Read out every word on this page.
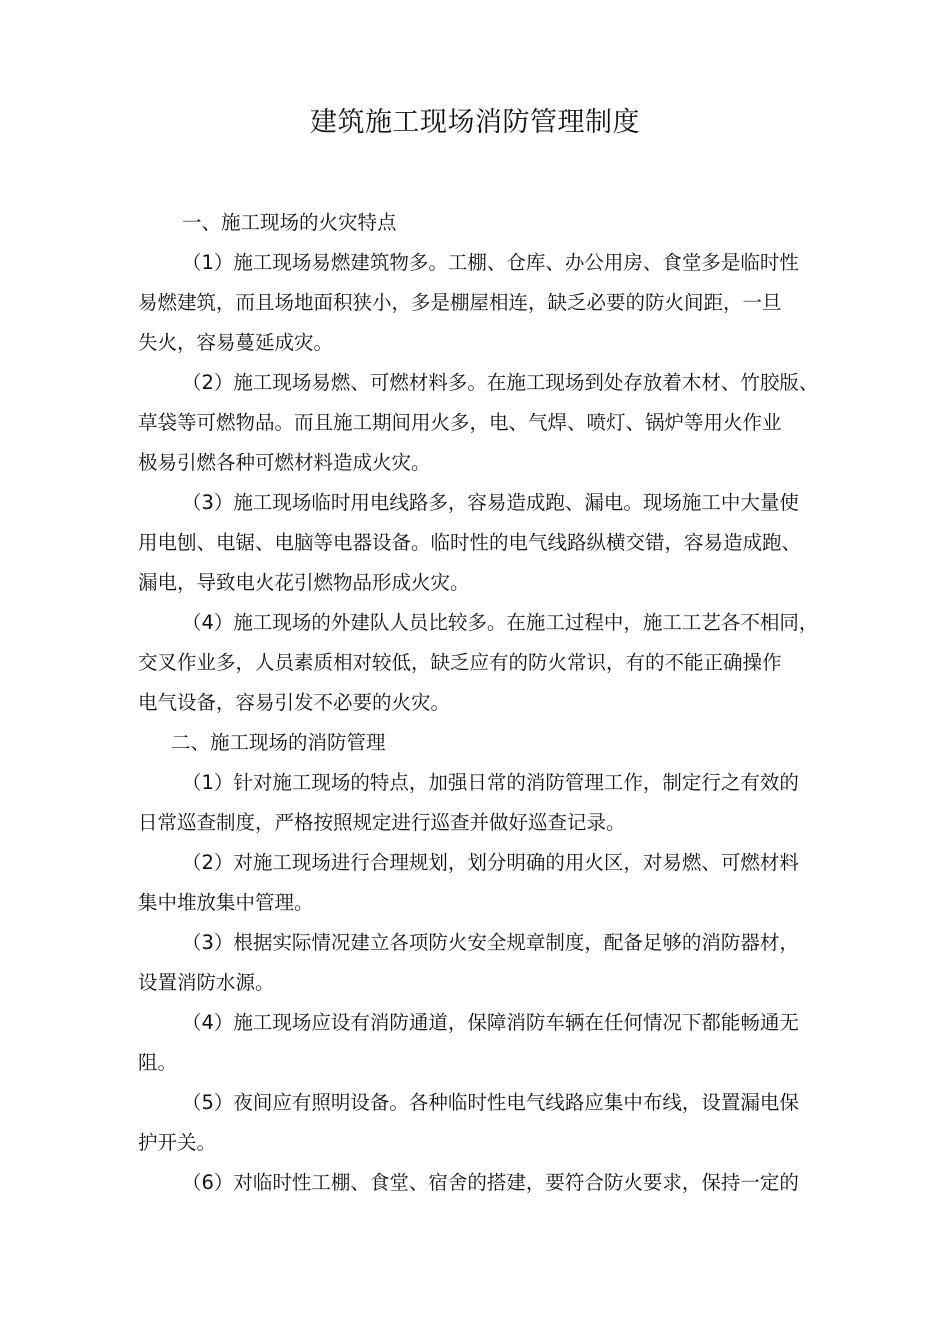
建筑施工现场消防管理制度
一、施工现场的火灾特点
（1）施工现场易燃建筑物多。工棚、仓库、办公用房、食堂多是临时性
易燃建筑，而且场地面积狭小，多是棚屋相连，缺乏必要的防火间距，一旦
失火，容易蔓延成灾。
（2）施工现场易燃、可燃材料多。在施工现场到处存放着木材、竹胶版、
草袋等可燃物品。而且施工期间用火多，电、气焊、喷灯、锅炉等用火作业
极易引燃各种可燃材料造成火灾。
（3）施工现场临时用电线路多，容易造成跑、漏电。现场施工中大量使
用电刨、电锯、电脑等电器设备。临时性的电气线路纵横交错，容易造成跑、
漏电，导致电火花引燃物品形成火灾。
（4）施工现场的外建队人员比较多。在施工过程中，施工工艺各不相同，
交叉作业多，人员素质相对较低，缺乏应有的防火常识，有的不能正确操作
电气设备，容易引发不必要的火灾。
二、施工现场的消防管理
（1）针对施工现场的特点，加强日常的消防管理工作，制定行之有效的
日常巡查制度，严格按照规定进行巡查并做好巡查记录。
（2）对施工现场进行合理规划，划分明确的用火区，对易燃、可燃材料
集中堆放集中管理。
（3）根据实际情况建立各项防火安全规章制度，配备足够的消防器材，
设置消防水源。
（4）施工现场应设有消防通道，保障消防车辆在任何情况下都能畅通无
阻。
（5）夜间应有照明设备。各种临时性电气线路应集中布线，设置漏电保
护开关。
（6）对临时性工棚、食堂、宿舍的搭建，要符合防火要求，保持一定的
